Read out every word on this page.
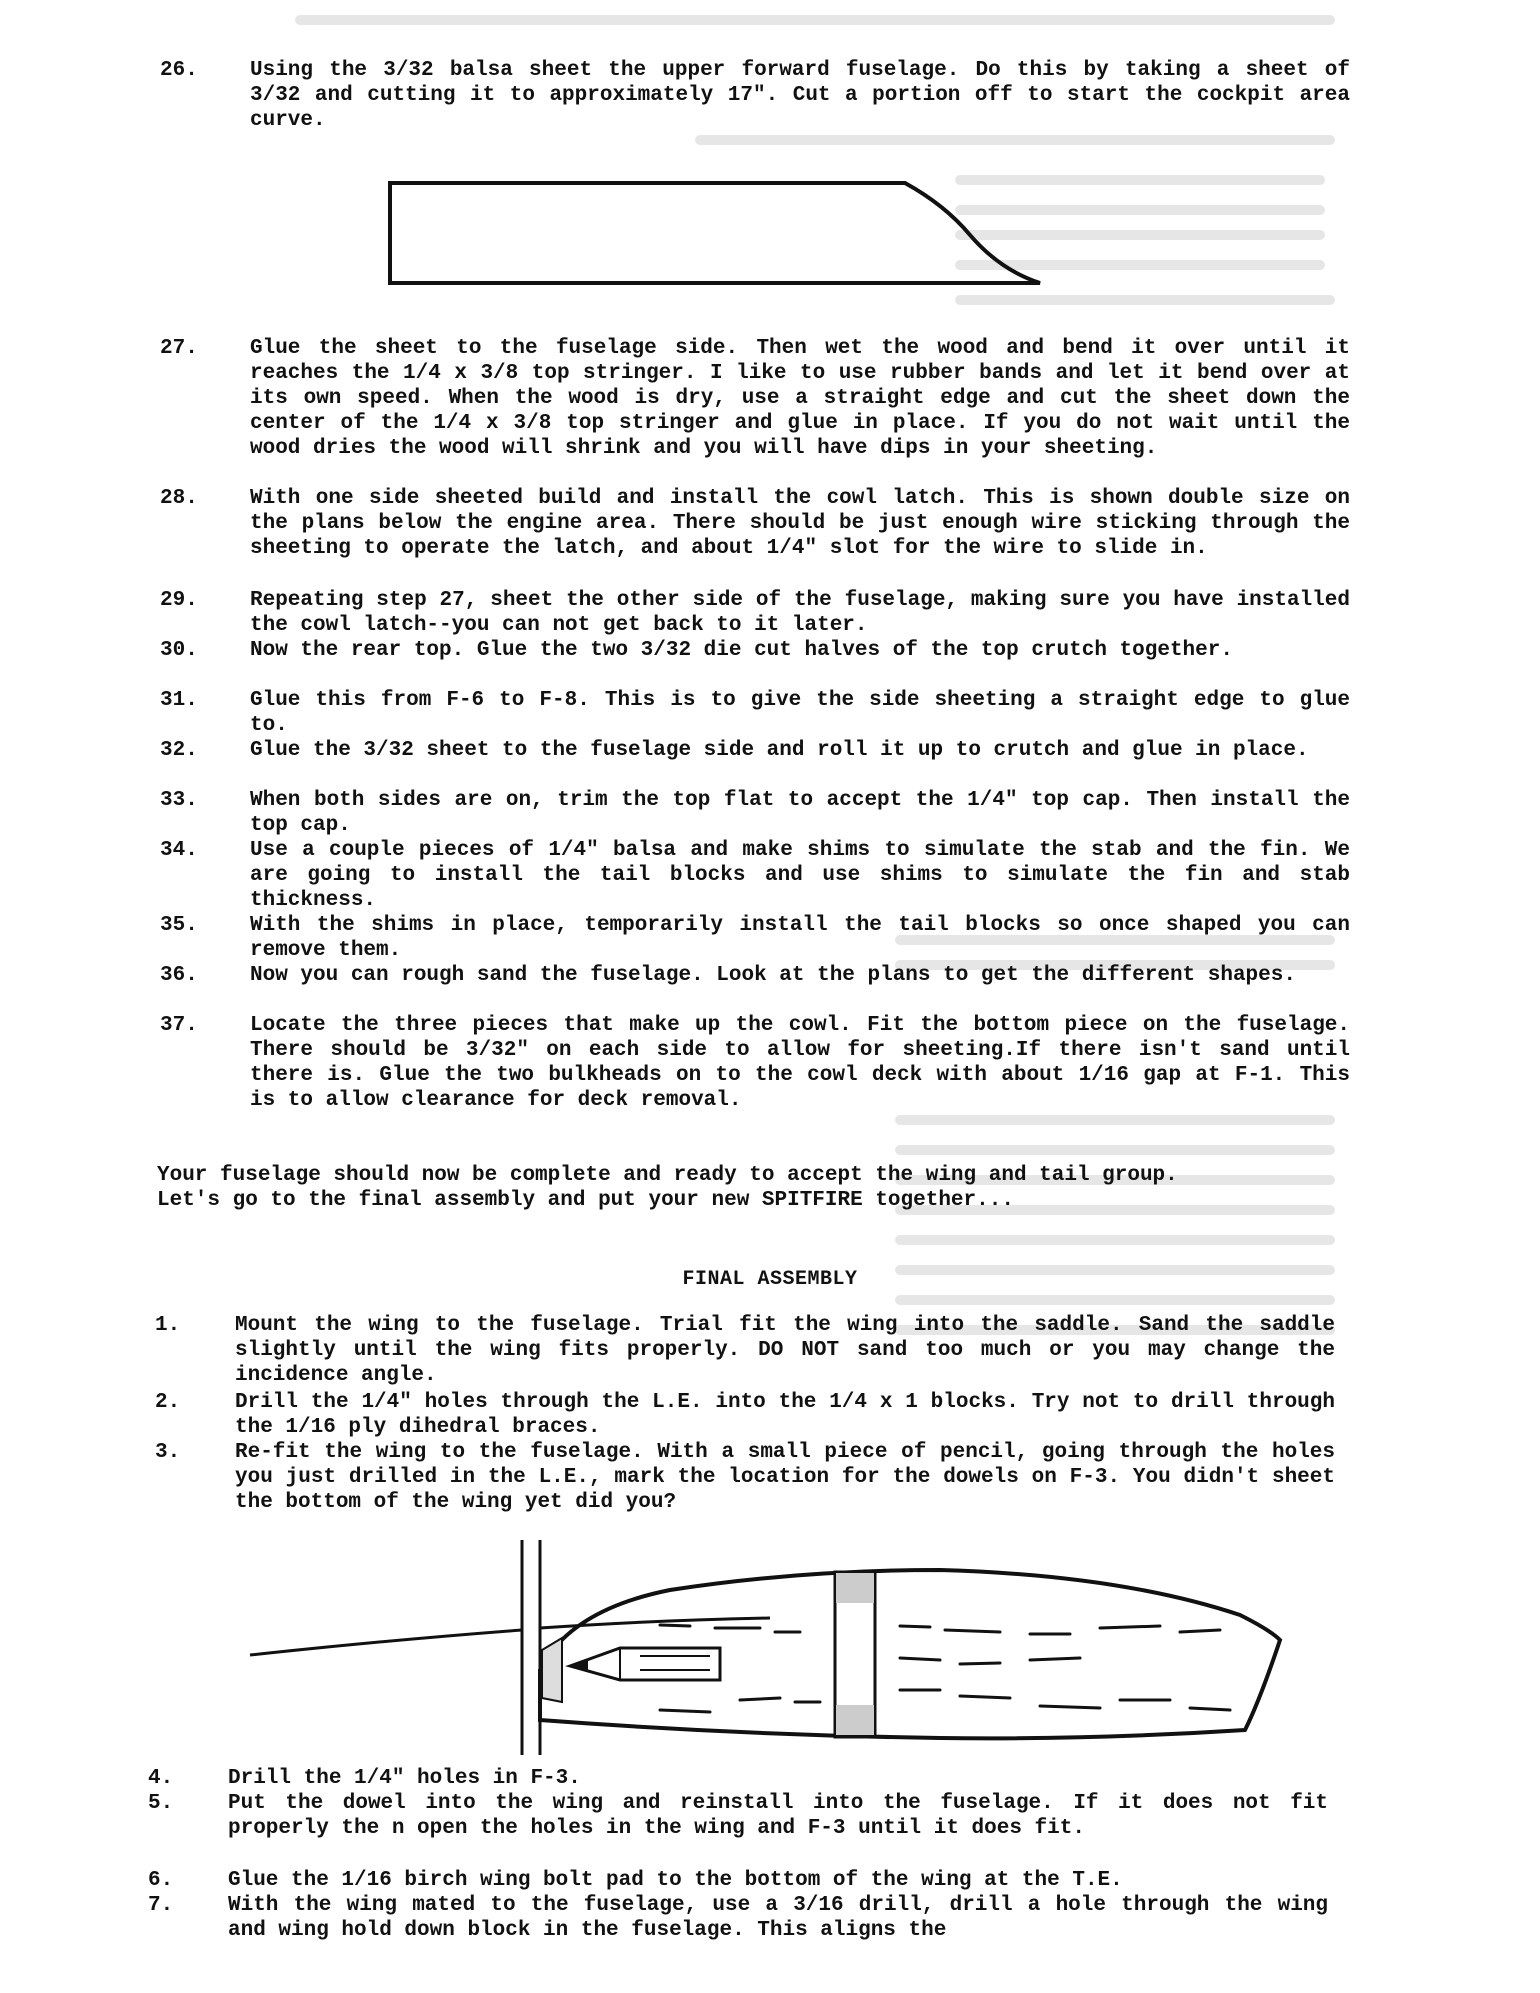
26.	Using the 3/32 balsa sheet the upper forward fuselage. Do this by taking a sheet of 3/32 and cutting it to approximately 17". Cut a portion off to start the cockpit area curve.
27.	Glue the sheet to the fuselage side. Then wet the wood and bend it over until it reaches the 1/4 x 3/8 top stringer. I like to use rubber bands and let it bend over at its own speed. When the wood is dry, use a straight edge and cut the sheet down the center of the 1/4 x 3/8 top stringer and glue in place. If you do not wait until the wood dries the wood will shrink and you will have dips in your sheeting.
28.	With one side sheeted build and install the cowl latch. This is shown double size on the plans below the engine area. There should be just enough wire sticking through the sheeting to operate the latch, and about 1/4" slot for the wire to slide in.
29.	Repeating step 27, sheet the other side of the fuselage, making sure you have installed the cowl latch--you can not get back to it later.
30.	Now the rear top. Glue the two 3/32 die cut halves of the top crutch together.
31.	Glue this from F-6 to F-8. This is to give the side sheeting a straight edge to glue to.
32.	Glue the 3/32 sheet to the fuselage side and roll it up to crutch and glue in place.
33.	When both sides are on, trim the top flat to accept the 1/4" top cap. Then install the top cap.
34.	Use a couple pieces of 1/4" balsa and make shims to simulate the stab and the fin. We are going to install the tail blocks and use shims to simulate the fin and stab thickness.
35.	With the shims in place, temporarily install the tail blocks so once shaped you can remove them.
36.	Now you can rough sand the fuselage. Look at the plans to get the different shapes.
37.	Locate the three pieces that make up the cowl. Fit the bottom piece on the fuselage. There should be 3/32" on each side to allow for sheeting.If there isn't sand until there is. Glue the two bulkheads on to the cowl deck with about 1/16 gap at F-1. This is to allow clearance for deck removal.
Your fuselage should now be complete and ready to accept the wing and tail group.
Let's go to the final assembly and put your new SPITFIRE together...
FINAL ASSEMBLY
1.	Mount the wing to the fuselage. Trial fit the wing into the saddle. Sand the saddle slightly until the wing fits properly. DO NOT sand too much or you may change the incidence angle.
2.	Drill the 1/4" holes through the L.E. into the 1/4 x 1 blocks. Try not to drill through the 1/16 ply dihedral braces.
3.	Re-fit the wing to the fuselage. With a small piece of pencil, going through the holes you just drilled in the L.E., mark the location for the dowels on F-3. You didn't sheet the bottom of the wing yet did you?
4.	Drill the 1/4" holes in F-3.
5.	Put the dowel into the wing and reinstall into the fuselage. If it does not fit properly the n open the holes in the wing and F-3 until it does fit.
6.	Glue the 1/16 birch wing bolt pad to the bottom of the wing at the T.E.
7.	With the wing mated to the fuselage, use a 3/16 drill, drill a hole through the wing and wing hold down block in the fuselage. This aligns the
